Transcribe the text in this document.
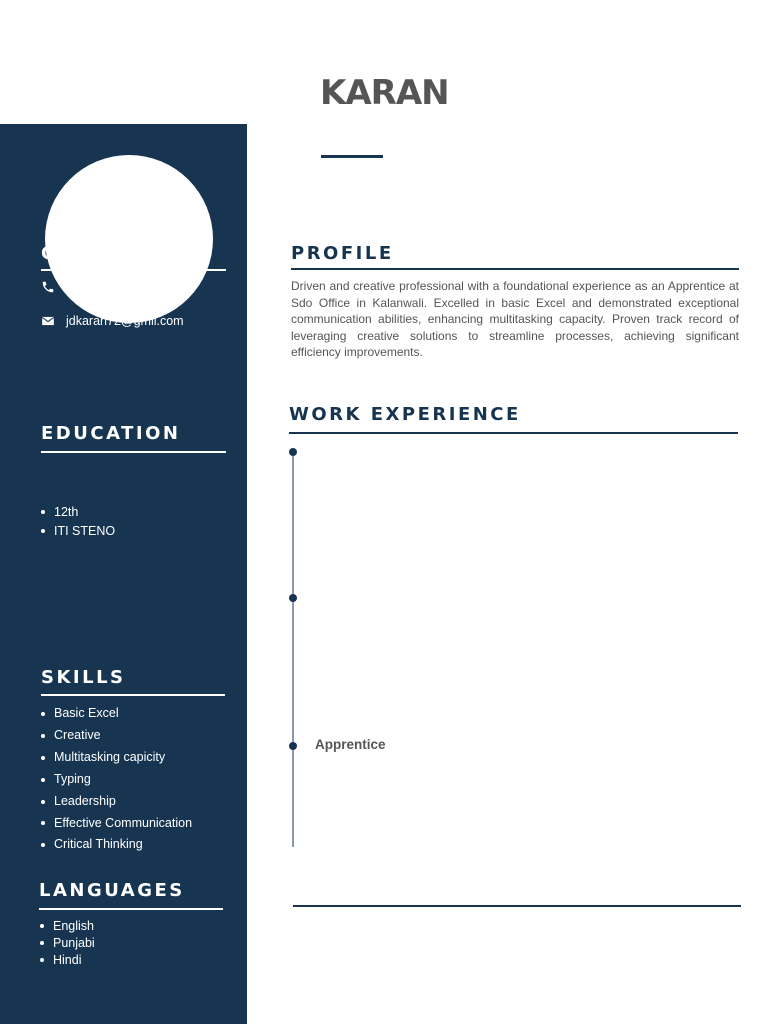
CONTACT
+91 8307100554
jdkaran72@gmil.com
EDUCATION
12th
ITI STENO
SKILLS
Basic Excel
Creative
Multitasking capicity
Typing
Leadership
Effective Communication
Critical Thinking
LANGUAGES
English
Punjabi
Hindi
KARAN
PROFILE

Driven and creative professional with a foundational experience as an Apprentice at Sdo Office in Kalanwali. Excelled in basic Excel and demonstrated exceptional communication abilities, enhancing multitasking capacity. Proven track record of leveraging creative solutions to streamline processes, achieving significant efficiency improvements.

WORK EXPERIENCE

Apprentice
